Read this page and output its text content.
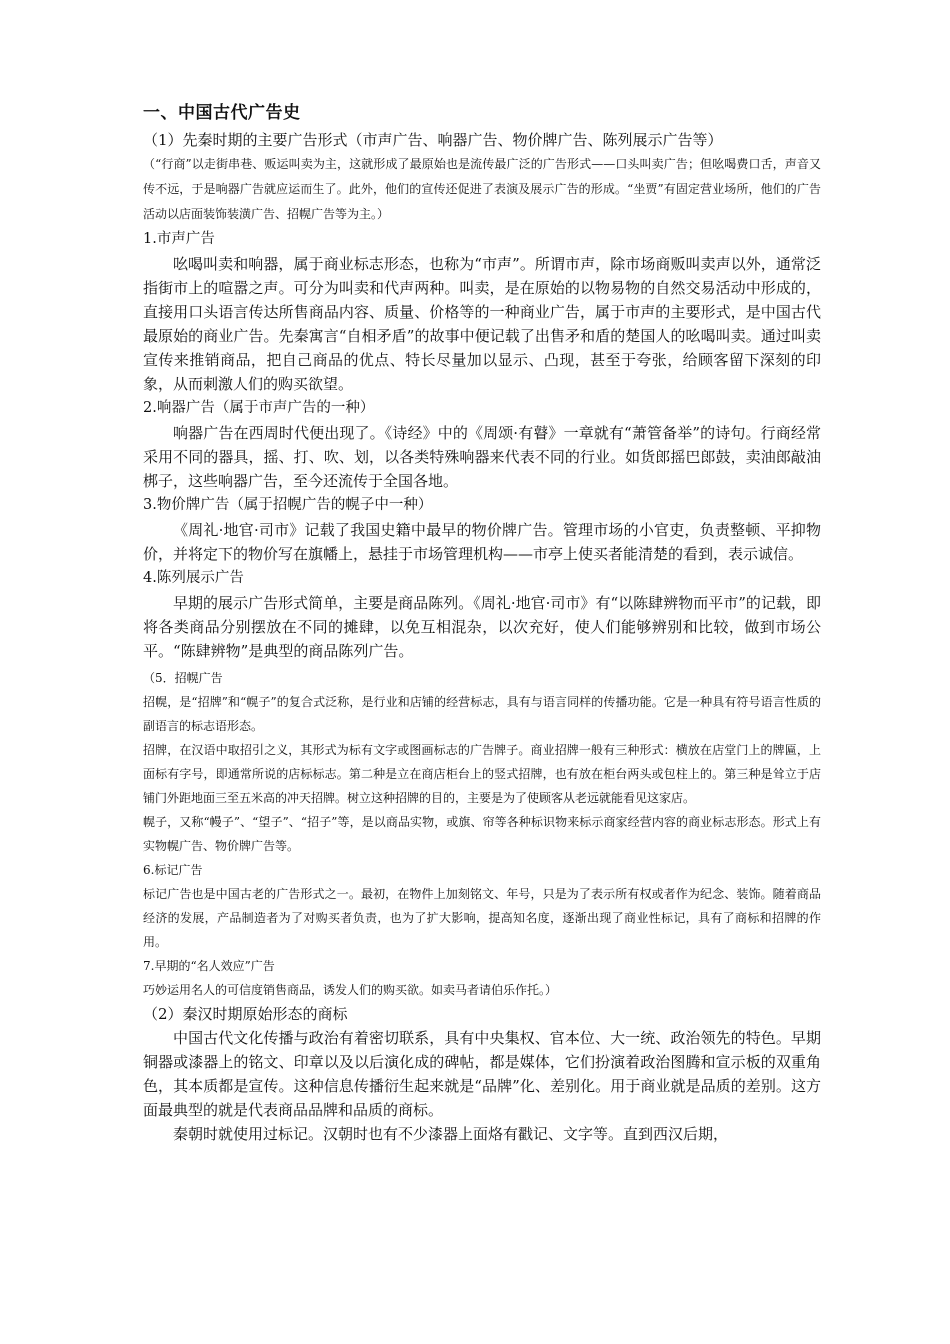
一、中国古代广告史

（1）先秦时期的主要广告形式（市声广告、响器广告、物价牌广告、陈列展示广告等）

（“行商”以走街串巷、贩运叫卖为主，这就形成了最原始也是流传最广泛的广告形式——口头叫卖广告；但吆喝费口舌，声音又传不远，于是响器广告就应运而生了。此外，他们的宣传还促进了表演及展示广告的形成。“坐贾”有固定营业场所，他们的广告活动以店面装饰装潢广告、招幌广告等为主。）

1.市声广告

吆喝叫卖和响器，属于商业标志形态，也称为“市声”。所谓市声，除市场商贩叫卖声以外，通常泛指街市上的喧嚣之声。可分为叫卖和代声两种。叫卖，是在原始的以物易物的自然交易活动中形成的，直接用口头语言传达所售商品内容、质量、价格等的一种商业广告，属于市声的主要形式，是中国古代最原始的商业广告。先秦寓言“自相矛盾”的故事中便记载了出售矛和盾的楚国人的吆喝叫卖。通过叫卖宣传来推销商品，把自己商品的优点、特长尽量加以显示、凸现，甚至于夸张，给顾客留下深刻的印象，从而刺激人们的购买欲望。

2.响器广告（属于市声广告的一种）

响器广告在西周时代便出现了。《诗经》中的《周颂·有瞽》一章就有“萧管备举”的诗句。行商经常采用不同的器具，摇、打、吹、划，以各类特殊响器来代表不同的行业。如货郎摇巴郎鼓，卖油郎敲油梆子，这些响器广告，至今还流传于全国各地。

3.物价牌广告（属于招幌广告的幌子中一种）

《周礼·地官·司市》记载了我国史籍中最早的物价牌广告。管理市场的小官吏，负责整顿、平抑物价，并将定下的物价写在旗幡上，悬挂于市场管理机构——市亭上使买者能清楚的看到，表示诚信。

4.陈列展示广告

早期的展示广告形式简单，主要是商品陈列。《周礼·地官·司市》有“以陈肆辨物而平市”的记载，即将各类商品分别摆放在不同的摊肆，以免互相混杂，以次充好，使人们能够辨别和比较，做到市场公平。“陈肆辨物”是典型的商品陈列广告。

（5．招幌广告

招幌，是“招牌”和“幌子”的复合式泛称，是行业和店铺的经营标志，具有与语言同样的传播功能。它是一种具有符号语言性质的副语言的标志语形态。

招牌，在汉语中取招引之义，其形式为标有文字或图画标志的广告牌子。商业招牌一般有三种形式：横放在店堂门上的牌匾，上面标有字号，即通常所说的店标标志。第二种是立在商店柜台上的竖式招牌，也有放在柜台两头或包柱上的。第三种是耸立于店铺门外距地面三至五米高的冲天招牌。树立这种招牌的目的，主要是为了使顾客从老远就能看见这家店。

幌子，又称“幔子”、“望子”、“招子”等，是以商品实物，或旗、帘等各种标识物来标示商家经营内容的商业标志形态。形式上有实物幌广告、物价牌广告等。

6.标记广告

标记广告也是中国古老的广告形式之一。最初，在物件上加刻铭文、年号，只是为了表示所有权或者作为纪念、装饰。随着商品经济的发展，产品制造者为了对购买者负责，也为了扩大影响，提高知名度，逐渐出现了商业性标记，具有了商标和招牌的作用。

7.早期的“名人效应”广告

巧妙运用名人的可信度销售商品，诱发人们的购买欲。如卖马者请伯乐作托。）

（2）秦汉时期原始形态的商标

中国古代文化传播与政治有着密切联系，具有中央集权、官本位、大一统、政治领先的特色。早期铜器或漆器上的铭文、印章以及以后演化成的碑帖，都是媒体，它们扮演着政治图腾和宣示板的双重角色，其本质都是宣传。这种信息传播衍生起来就是“品牌”化、差别化。用于商业就是品质的差别。这方面最典型的就是代表商品品牌和品质的商标。

秦朝时就使用过标记。汉朝时也有不少漆器上面烙有戳记、文字等。直到西汉后期，
